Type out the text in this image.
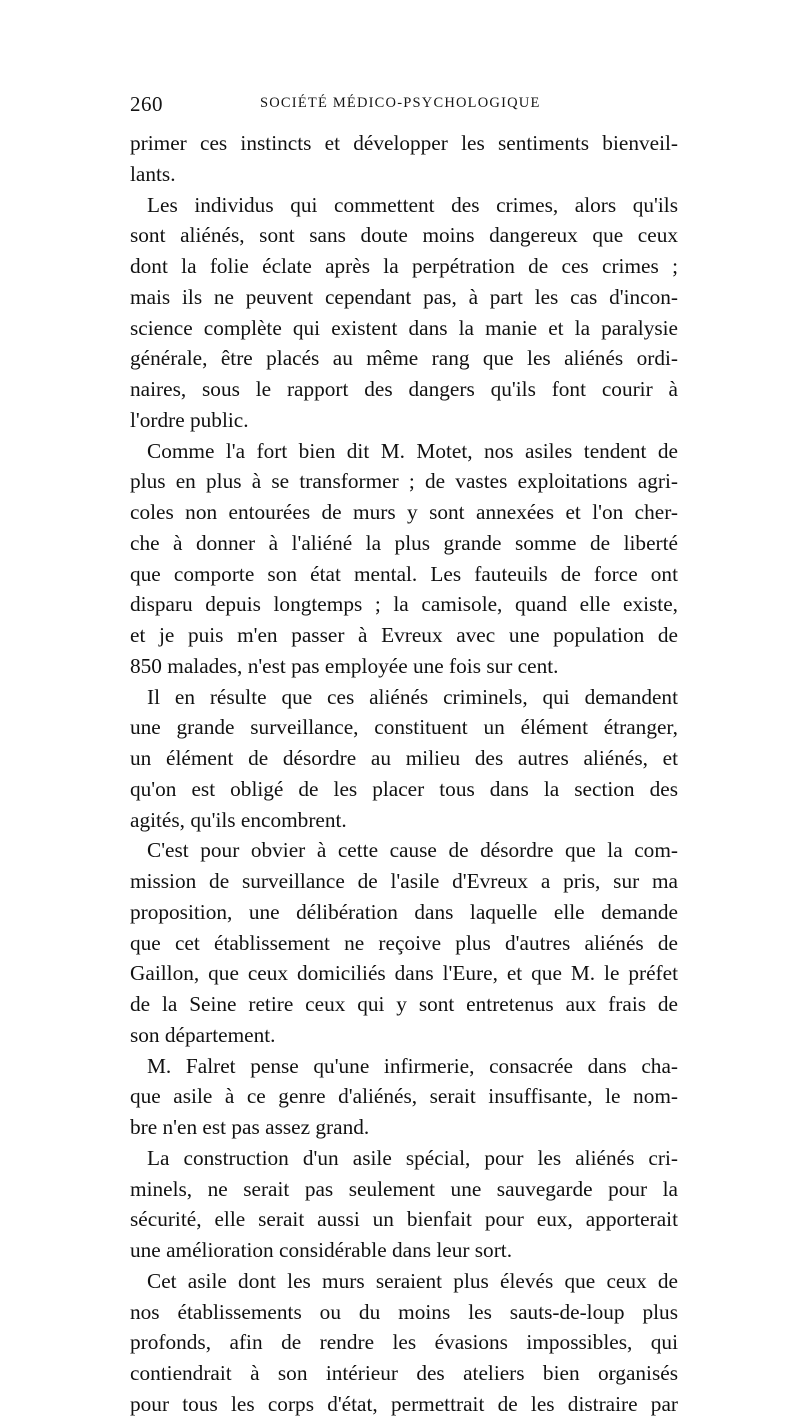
260	SOCIÉTÉ MÉDICO-PSYCHOLOGIQUE
primer ces instincts et développer les sentiments bienveil-
lants.
Les individus qui commettent des crimes, alors qu'ils
sont aliénés, sont sans doute moins dangereux que ceux
dont la folie éclate après la perpétration de ces crimes ;
mais ils ne peuvent cependant pas, à part les cas d'incon-
science complète qui existent dans la manie et la paralysie
générale, être placés au même rang que les aliénés ordi-
naires, sous le rapport des dangers qu'ils font courir à
l'ordre public.
Comme l'a fort bien dit M. Motet, nos asiles tendent de
plus en plus à se transformer ; de vastes exploitations agri-
coles non entourées de murs y sont annexées et l'on cher-
che à donner à l'aliéné la plus grande somme de liberté
que comporte son état mental. Les fauteuils de force ont
disparu depuis longtemps ; la camisole, quand elle existe,
et je puis m'en passer à Evreux avec une population de
850 malades, n'est pas employée une fois sur cent.
Il en résulte que ces aliénés criminels, qui demandent
une grande surveillance, constituent un élément étranger,
un élément de désordre au milieu des autres aliénés, et
qu'on est obligé de les placer tous dans la section des
agités, qu'ils encombrent.
C'est pour obvier à cette cause de désordre que la com-
mission de surveillance de l'asile d'Evreux a pris, sur ma
proposition, une délibération dans laquelle elle demande
que cet établissement ne reçoive plus d'autres aliénés de
Gaillon, que ceux domiciliés dans l'Eure, et que M. le préfet
de la Seine retire ceux qui y sont entretenus aux frais de
son département.
M. Falret pense qu'une infirmerie, consacrée dans cha-
que asile à ce genre d'aliénés, serait insuffisante, le nom-
bre n'en est pas assez grand.
La construction d'un asile spécial, pour les aliénés cri-
minels, ne serait pas seulement une sauvegarde pour la
sécurité, elle serait aussi un bienfait pour eux, apporterait
une amélioration considérable dans leur sort.
Cet asile dont les murs seraient plus élevés que ceux de
nos établissements ou du moins les sauts-de-loup plus
profonds, afin de rendre les évasions impossibles, qui
contiendrait à son intérieur des ateliers bien organisés
pour tous les corps d'état, permettrait de les distraire par
